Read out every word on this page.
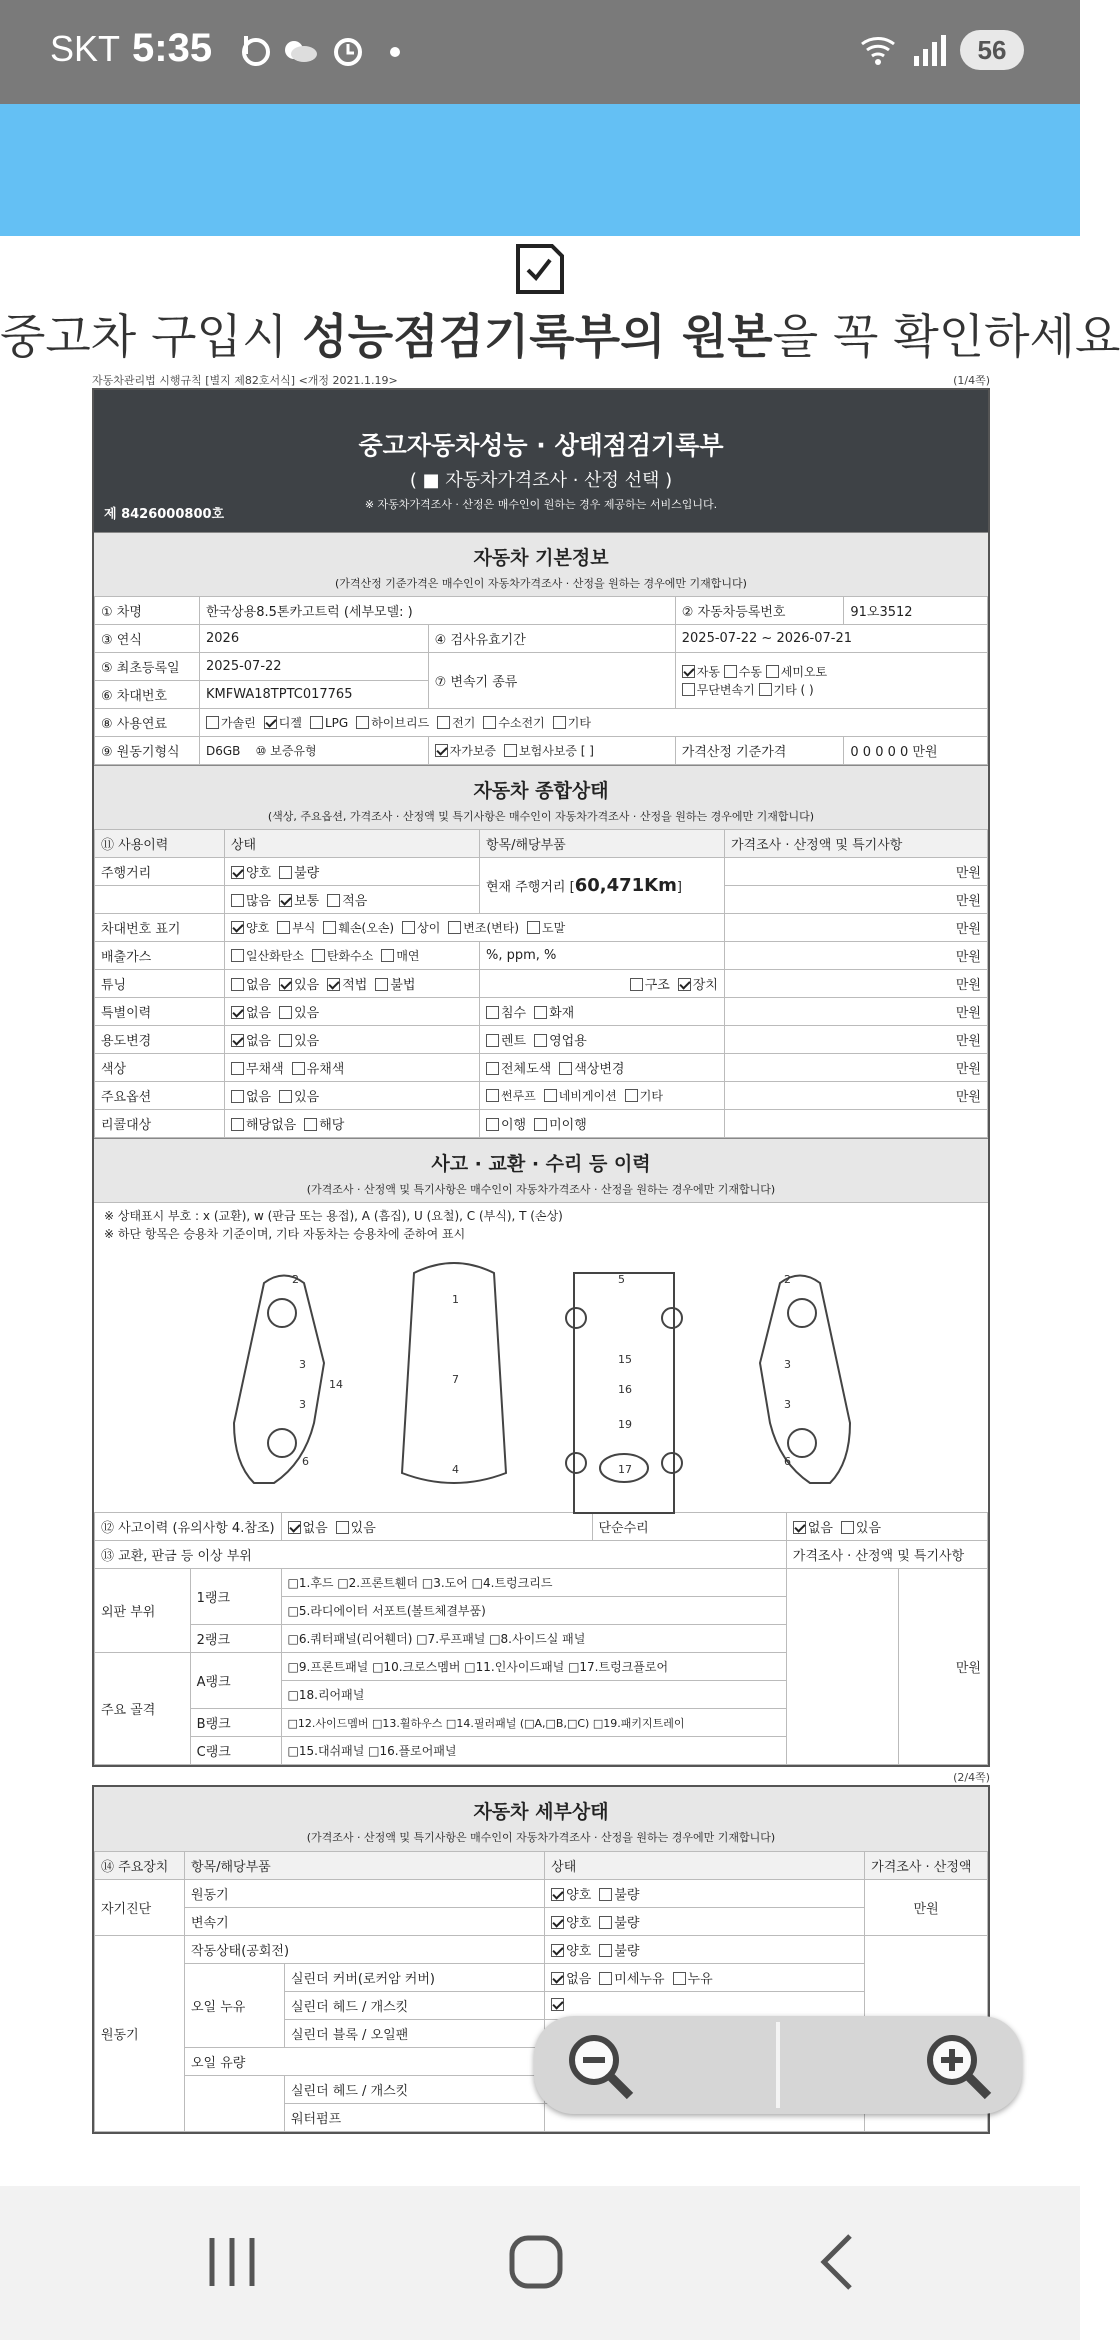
SKT 5:35	56
중고차 구입시 성능점검기록부의 원본을 꼭 확인하세요
자동차관리법 시행규칙 [별지 제82호서식] <개정 2021.1.19>	(1/4쪽)
중고자동차성능 · 상태점검기록부
( ■ 자동차가격조사 · 산정 선택 )
※ 자동차가격조사 · 산정은 매수인이 원하는 경우 제공하는 서비스입니다.
제 8426000800호
자동차 기본정보
(가격산정 기준가격은 매수인이 자동차가격조사 · 산정을 원하는 경우에만 기재합니다)
① 차명	한국상용8.5톤카고트럭 (세부모델: )		② 자동차등록번호	91오3512
③ 연식	2026	④ 검사유효기간	2025-07-22 ~ 2026-07-21	
⑤ 최초등록일	2025-07-22	⑦ 변속기 종류	자동 수동 세미오토
무단변속기 기타 ( )	
⑥ 차대번호	KMFWA18TPTC017765			
⑧ 사용연료	가솔린 디젤 LPG 하이브리드 전기 수소전기 기타			
⑨ 원동기형식	D6GB ⑩ 보증유형	자가보증 보험사보증 [ ]	가격산정 기준가격	0 0 0 0 0 만원
자동차 종합상태
(색상, 주요옵션, 가격조사 · 산정액 및 특기사항은 매수인이 자동차가격조사 · 산정을 원하는 경우에만 기재합니다)
⑪ 사용이력	상태	항목/해당부품	가격조사 · 산정액 및 특기사항
주행거리	양호 불량	현재 주행거리 [60,471Km]	만원
	많음 보통 적음		만원
차대번호 표기	양호 부식 훼손(오손) 상이 변조(변타) 도말		만원
배출가스	일산화탄소 탄화수소 매연	%, ppm, %	만원
튜닝	없음 있음 적법 불법	구조 장치	만원
특별이력	없음 있음	침수 화재	만원
용도변경	없음 있음	렌트 영업용	만원
색상	무채색 유채색	전체도색 색상변경	만원
주요옵션	없음 있음	썬루프 네비게이션 기타	만원
리콜대상	해당없음 해당	이행 미이행	
사고 · 교환 · 수리 등 이력
(가격조사 · 산정액 및 특기사항은 매수인이 자동차가격조사 · 산정을 원하는 경우에만 기재합니다)
※ 상태표시 부호 : x (교환), w (판금 또는 용접), A (흠집), U (요철), C (부식), T (손상)
※ 하단 항목은 승용차 기준이며, 기타 자동차는 승용차에 준하여 표시
2
3
3
14
6
1
7
4
5
15
16
19
17
2
3
3
6
⑫ 사고이력 (유의사항 4.참조)		없음 있음	단순수리	없음 있음	
⑬ 교환, 판금 등 이상 부위				가격조사 · 산정액 및 특기사항	
외판 부위	1랭크	□1.후드 □2.프론트휀더 □3.도어 □4.트렁크리드			만원
		□5.라디에이터 서포트(볼트체결부품)			
	2랭크	□6.쿼터패널(리어휀더) □7.루프패널 □8.사이드실 패널			
주요 골격	A랭크	□9.프론트패널 □10.크로스멤버 □11.인사이드패널 □17.트렁크플로어			
		□18.리어패널			
	B랭크	□12.사이드멤버 □13.휠하우스 □14.필러패널 (□A,□B,□C) □19.패키지트레이			
	C랭크	□15.대쉬패널 □16.플로어패널			
(2/4쪽)
자동차 세부상태
(가격조사 · 산정액 및 특기사항은 매수인이 자동차가격조사 · 산정을 원하는 경우에만 기재합니다)
⑭ 주요장치	항목/해당부품		상태	가격조사 · 산정액
자기진단	원동기		양호 불량	만원
	변속기		양호 불량	
원동기	작동상태(공회전)		양호 불량	
	오일 누유	실린더 커버(로커암 커버)	없음 미세누유 누유	
		실린더 헤드 / 개스킷		
		실린더 블록 / 오일팬		
	오일 유량			
		실린더 헤드 / 개스킷	
		워터펌프		
